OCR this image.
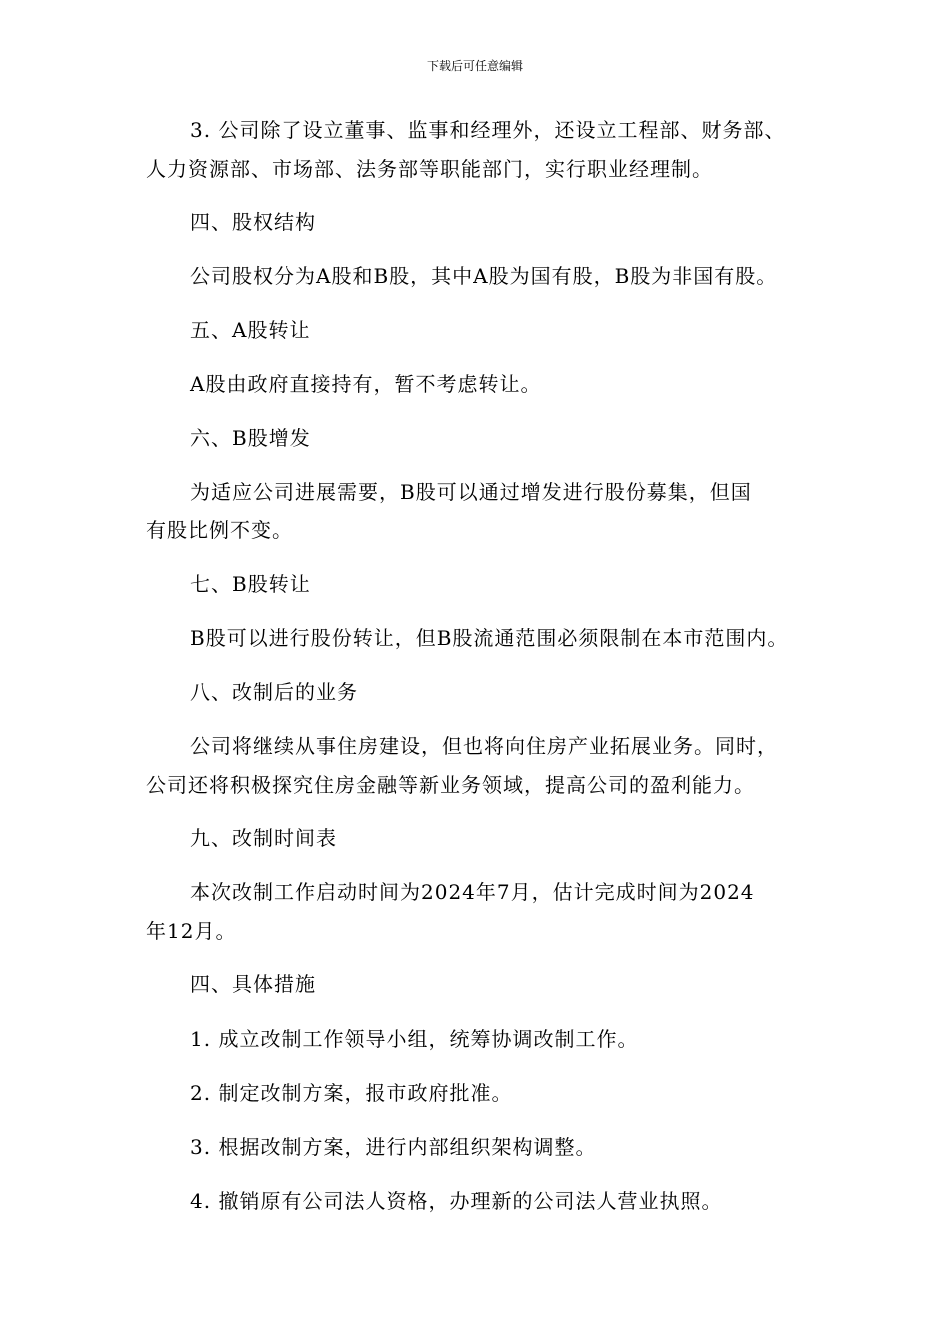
下载后可任意编辑
3. 公司除了设立董事、监事和经理外，还设立工程部、财务部、
人力资源部、市场部、法务部等职能部门，实行职业经理制。
四、股权结构
公司股权分为A股和B股，其中A股为国有股，B股为非国有股。
五、A股转让
A股由政府直接持有，暂不考虑转让。
六、B股增发
为适应公司进展需要，B股可以通过增发进行股份募集，但国
有股比例不变。
七、B股转让
B股可以进行股份转让，但B股流通范围必须限制在本市范围内。
八、改制后的业务
公司将继续从事住房建设，但也将向住房产业拓展业务。同时，
公司还将积极探究住房金融等新业务领域，提高公司的盈利能力。
九、改制时间表
本次改制工作启动时间为2024年7月，估计完成时间为2024
年12月。
四、具体措施
1. 成立改制工作领导小组，统筹协调改制工作。
2. 制定改制方案，报市政府批准。
3. 根据改制方案，进行内部组织架构调整。
4. 撤销原有公司法人资格，办理新的公司法人营业执照。
